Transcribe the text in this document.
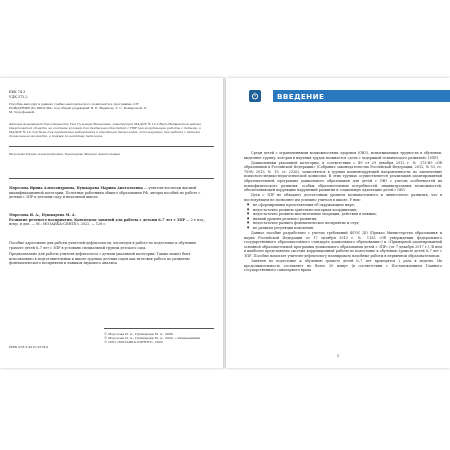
ББК 74.3
УДК 373.2
Пособие выходит в рамках учебно-методического комплекта к программе «ОТ РОЖДЕНИЯ ДО ШКОЛЫ» под общей редакцией Н. Е. Вераксы, Т. С. Комаровой, Э. М. Дорофеевой.
Авторы выражают благодарность Тюх Гульнаре Вагаровне, заведующей МАДОУ № 12 в Верх-Нейвинском районе Свердловской области за создание условий для деятельности детей с ТНР при координации работы с детьми, и МАДОУ № 12 для базы для проведения наблюдения и апробации технологий, используемых при работе с детьми дошкольного возраста, а также коллективу педагогов.
Морозова Ирина Александровна, Пушкарева Марина Анатольевна
Морозова Ирина Александровна, Пушкарева Марина Анатольевна — учителя-логопеды высшей квалификационной категории, Почетные работники общего образования РФ, авторы пособий по работе с детьми с ЗПР и детским саду и начальной школе.
Морозова И. А., Пушкарева М. А.
Развитие речевого восприятия. Конспекты занятий для работы с детьми 6–7 лет с ЗПР — 2-е изд., испр. и доп. — М.: МОЗАИКА-СИНТЕЗ, 2022. — 128 с.
Пособие адресовано для работы учителей-дефектологов, логопедов в работе по подготовке к обучению грамоте детей 6–7 лет с ЗПР в условиях специальной группы детского сада.
Предназначено для работы учителя-дефектолога с детьми указанной категории. Также может быть использовано в подготовительных к школе группах детских садов как итоговая работа по развитию фонематического восприятия и навыков звукового анализа.
© Морозова И. А., Пушкарева М. А., 2006
© Морозова И. А., Пушкарева М. А., 2022, с изменениями
© ООО «МОЗАИКА-СИНТЕЗ», 2022
ISBN 978-5-4315-2279-6
ВВЕДЕНИЕ

Среди детей с ограниченными возможностями здоровья (ОВЗ), испытывающих трудности в обучении, выделяют группу, которая в научных трудах называется «дети с задержкой психического развития» (ЗПР).

Дошкольники указанной категории, в соответствии с ФЗ от 29 декабря 2012 г. № 273-ФЗ «Об образовании в Российской Федерации» (Собрание законодательства Российской Федерации, 2012, № 53, ст. 7598; 2013, № 19, ст. 2326), зачисляются в группы компенсирующей направленности по заключению психолого-медико-педагогической комиссии. В этих группах осуществляется реализация адаптированной образовательной программы дошкольного образования для детей с ОВЗ с учетом особенностей их психофизического развития, особых образовательных потребностей, индивидуальных возможностей, обеспечивающей коррекцию нарушений развития и социальную адаптацию детей с ОВЗ.

Дети с ЗПР не обладают достаточным уровнем познавательного и личностного развития, что в последующем не позволяет им успешно учиться в школе. У них:

■ не сформированы представления об окружающем мире;
■ недостаточно развиты зрительно-моторная координация;
■ недостаточно развиты мыслительные операции, действия и навыки;
■ низкий уровень речевого развития;
■ недостаточно развито фонематическое восприятие и слух;
■ не развиты регуляция поведения.

Данное пособие разработано с учетом требований ФГОС ДО (Приказ Министерства образования и науки Российской Федерации от 17 октября 2013 г. № 1155 «Об утверждении федерального государственного образовательного стандарта дошкольного образования») и «Примерной адаптированной основной образовательной программы дошкольного образования детей с ЗПР» (от 7 декабря 2017 г.). В нем в наиболее представлена система коррекционной работы по подготовке к обучению грамоте детей 6–7 лет с ЗПР. Пособие помогает учителю-дефектологу планировать подобные работы в первичном образовательном.

Занятия по подготовке к обучению грамоте детей 6–7 лет проводятся 2 раза в неделю. Их продолжительность составляет не более 30 минут (в соответствии с Постановлением Главного государственного санитарного врача

3
